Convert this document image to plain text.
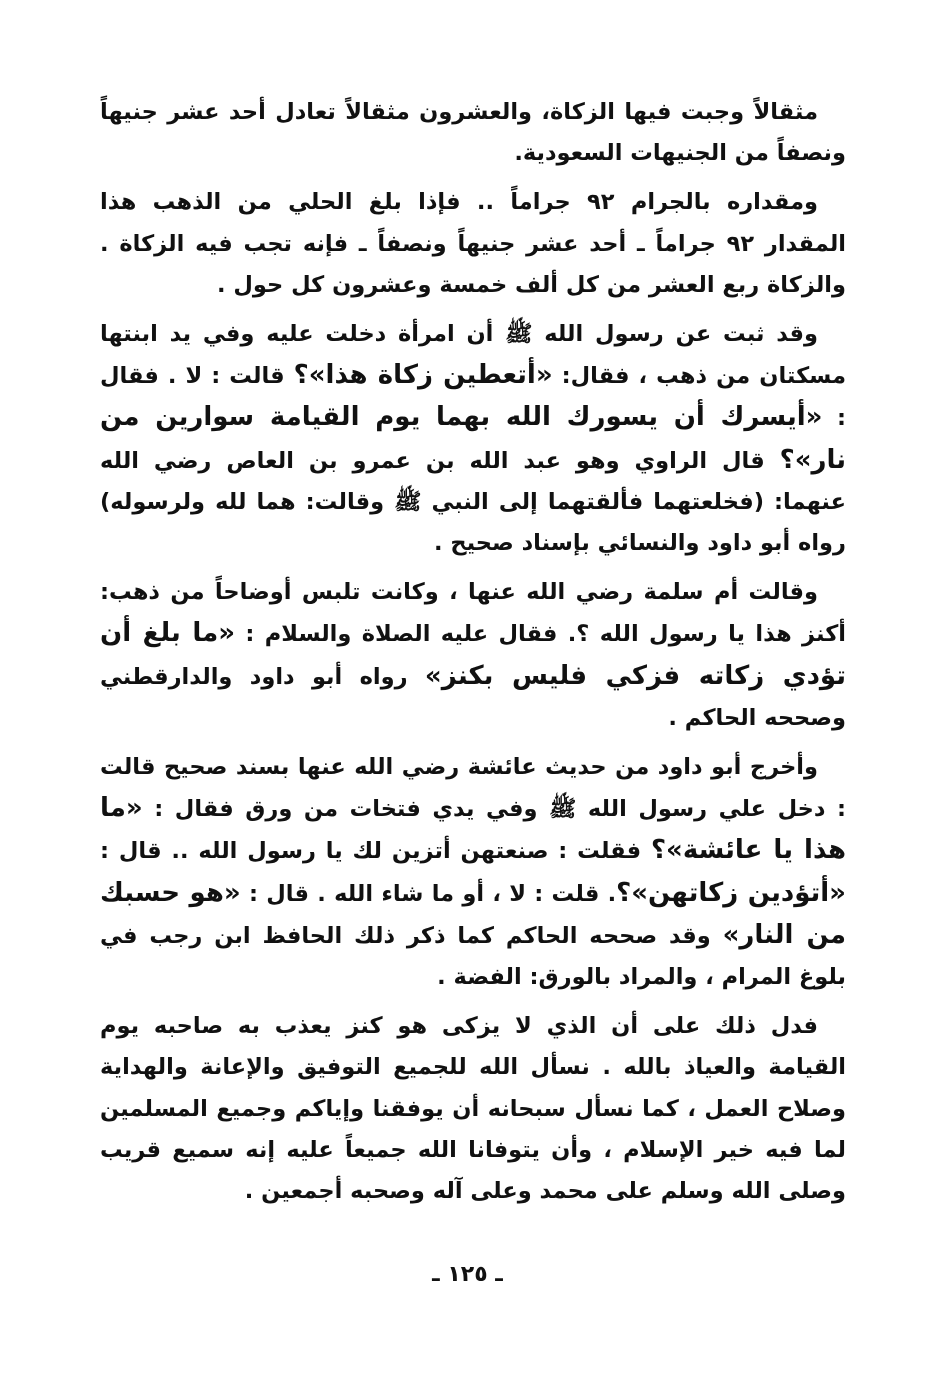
مثقالاً وجبت فيها الزكاة، والعشرون مثقالاً تعادل أحد عشر جنيهاً ونصفاً من الجنيهات السعودية.

ومقداره بالجرام ٩٢ جراماً .. فإذا بلغ الحلي من الذهب هذا المقدار ٩٢ جراماً ـ أحد عشر جنيهاً ونصفاً ـ فإنه تجب فيه الزكاة . والزكاة ربع العشر من كل ألف خمسة وعشرون كل حول .

وقد ثبت عن رسول الله ﷺ أن امرأة دخلت عليه وفي يد ابنتها مسكتان من ذهب ، فقال: «أتعطين زكاة هذا»؟ قالت : لا . فقال : «أيسرك أن يسورك الله بهما يوم القيامة سوارين من نار»؟ قال الراوي وهو عبد الله بن عمرو بن العاص رضي الله عنهما: (فخلعتهما فألقتهما إلى النبي ﷺ وقالت: هما لله ولرسوله) رواه أبو داود والنسائي بإسناد صحيح .

وقالت أم سلمة رضي الله عنها ، وكانت تلبس أوضاحاً من ذهب: أكنز هذا يا رسول الله ؟. فقال عليه الصلاة والسلام : «ما بلغ أن تؤدي زكاته فزكي فليس بكنز» رواه أبو داود والدارقطني وصححه الحاكم .

وأخرج أبو داود من حديث عائشة رضي الله عنها بسند صحيح قالت : دخل علي رسول الله ﷺ وفي يدي فتخات من ورق فقال : «ما هذا يا عائشة»؟ فقلت : صنعتهن أتزين لك يا رسول الله .. قال : «أتؤدين زكاتهن»؟. قلت : لا ، أو ما شاء الله . قال : «هو حسبك من النار» وقد صححه الحاكم كما ذكر ذلك الحافظ ابن رجب في بلوغ المرام ، والمراد بالورق: الفضة .

فدل ذلك على أن الذي لا يزكى هو كنز يعذب به صاحبه يوم القيامة والعياذ بالله . نسأل الله للجميع التوفيق والإعانة والهداية وصلاح العمل ، كما نسأل سبحانه أن يوفقنا وإياكم وجميع المسلمين لما فيه خير الإسلام ، وأن يتوفانا الله جميعاً عليه إنه سميع قريب وصلى الله وسلم على محمد وعلى آله وصحبه أجمعين .

ـ ١٢٥ ـ
